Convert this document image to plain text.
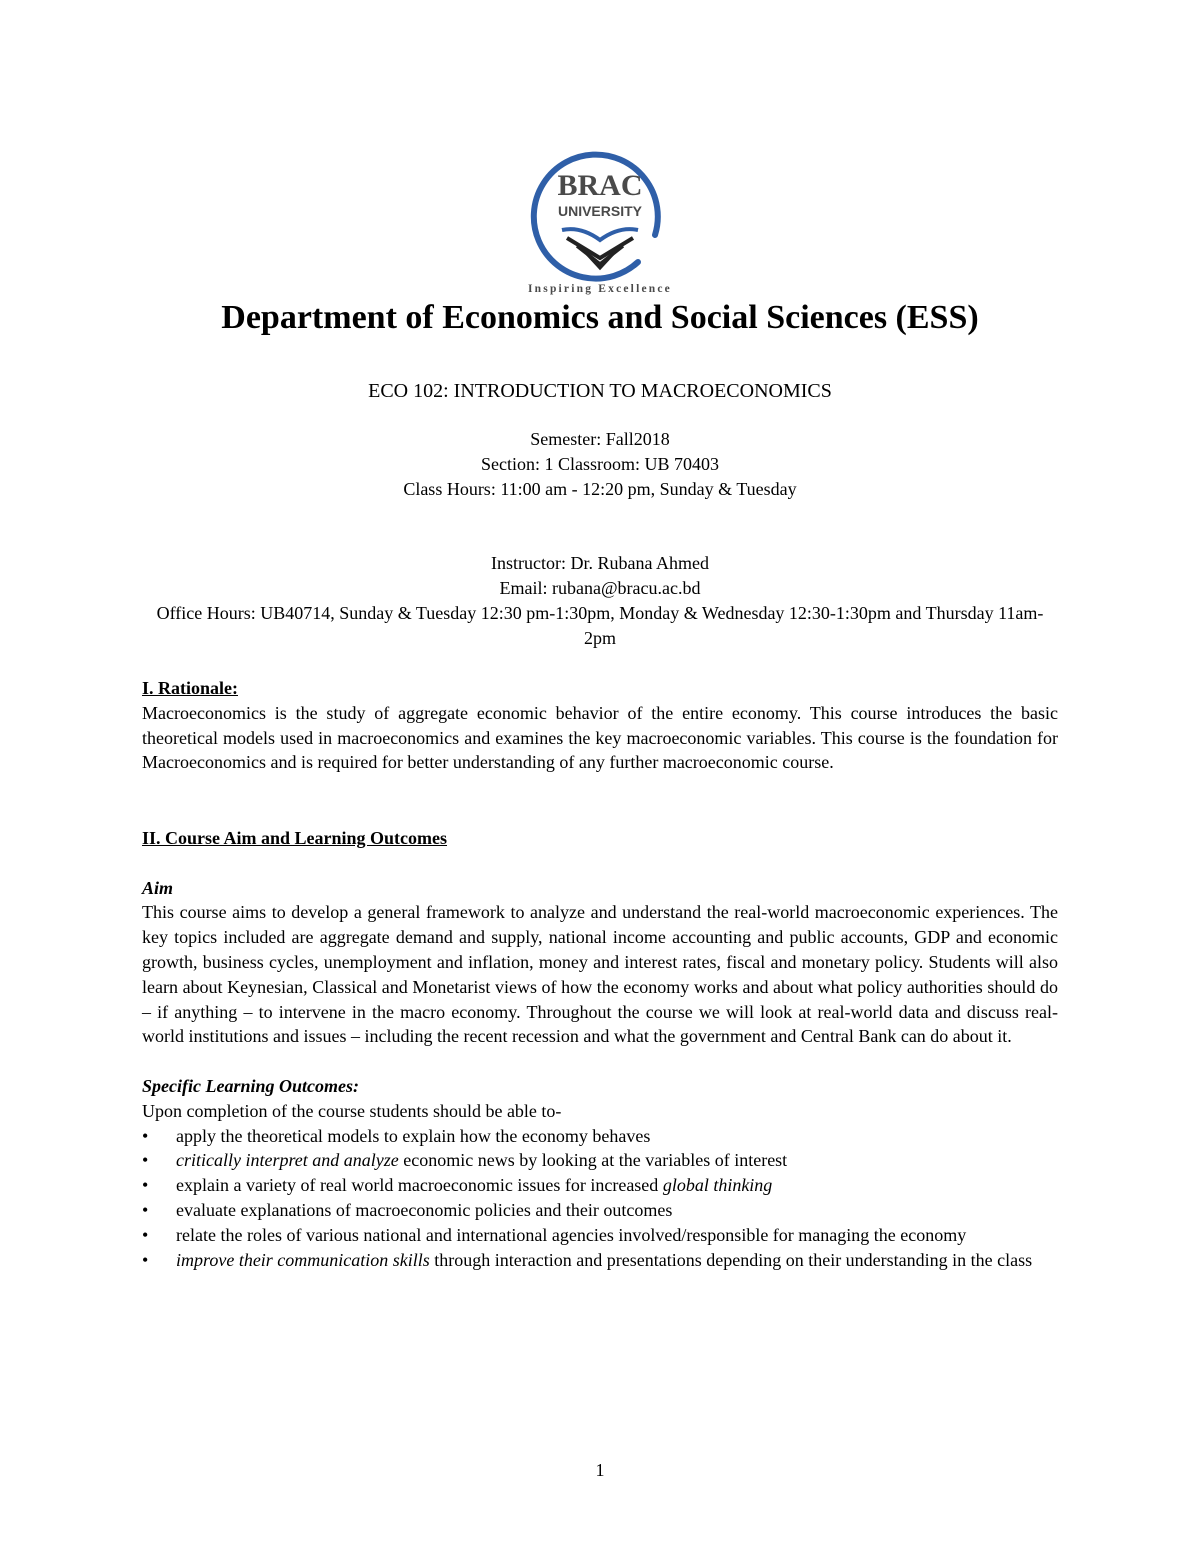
BRAC
UNIVERSITY
Inspiring Excellence
Department of Economics and Social Sciences (ESS)
ECO 102: INTRODUCTION TO MACROECONOMICS
Semester: Fall2018
Section: 1 Classroom: UB 70403
Class Hours: 11:00 am - 12:20 pm, Sunday & Tuesday
Instructor: Dr. Rubana Ahmed
Email: rubana@bracu.ac.bd
Office Hours: UB40714, Sunday & Tuesday 12:30 pm-1:30pm, Monday & Wednesday 12:30-1:30pm and Thursday 11am-2pm
I. Rationale:
Macroeconomics is the study of aggregate economic behavior of the entire economy. This course introduces the basic theoretical models used in macroeconomics and examines the key macroeconomic variables. This course is the foundation for Macroeconomics and is required for better understanding of any further macroeconomic course.
II. Course Aim and Learning Outcomes
Aim
This course aims to develop a general framework to analyze and understand the real-world macroeconomic experiences. The key topics included are aggregate demand and supply, national income accounting and public accounts, GDP and economic growth, business cycles, unemployment and inflation, money and interest rates, fiscal and monetary policy. Students will also learn about Keynesian, Classical and Monetarist views of how the economy works and about what policy authorities should do – if anything – to intervene in the macro economy. Throughout the course we will look at real-world data and discuss real-world institutions and issues – including the recent recession and what the government and Central Bank can do about it.
Specific Learning Outcomes:
Upon completion of the course students should be able to-
•	apply the theoretical models to explain how the economy behaves
•	critically interpret and analyze economic news by looking at the variables of interest
•	explain a variety of real world macroeconomic issues for increased global thinking
•	evaluate explanations of macroeconomic policies and their outcomes
•	relate the roles of various national and international agencies involved/responsible for managing the economy
•	improve their communication skills through interaction and presentations depending on their understanding in the class
1
